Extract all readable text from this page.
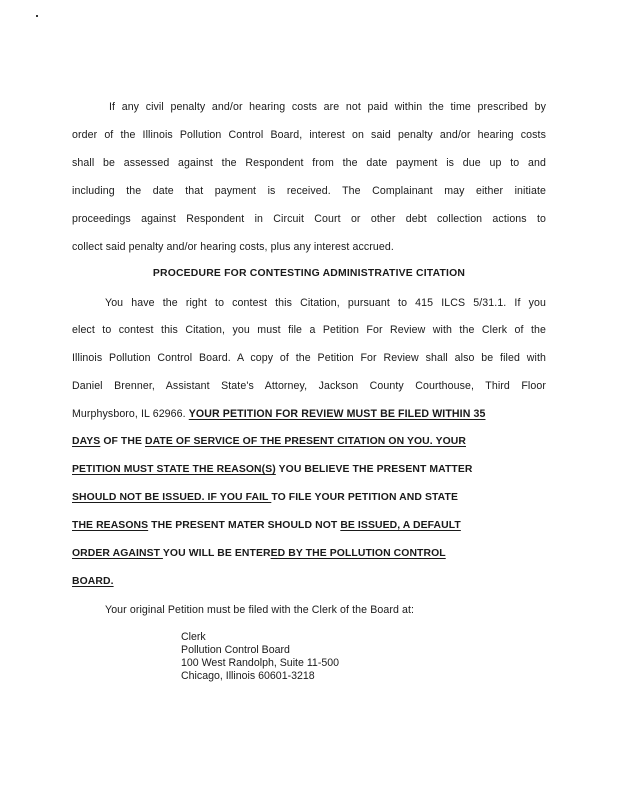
If any civil penalty and/or hearing costs are not paid within the time prescribed by
order of the Illinois Pollution Control Board, interest on said penalty and/or hearing costs
shall be assessed against the Respondent from the date payment is due up to and
including the date that payment is received. The Complainant may either initiate
proceedings against Respondent in Circuit Court or other debt collection actions to
collect said penalty and/or hearing costs, plus any interest accrued.
PROCEDURE FOR CONTESTING ADMINISTRATIVE CITATION
You have the right to contest this Citation, pursuant to 415 ILCS 5/31.1. If you
elect to contest this Citation, you must file a Petition For Review with the Clerk of the
Illinois Pollution Control Board. A copy of the Petition For Review shall also be filed with
Daniel Brenner, Assistant State's Attorney, Jackson County Courthouse, Third Floor
Murphysboro, IL 62966. YOUR PETITION FOR REVIEW MUST BE FILED WITHIN 35
DAYS OF THE DATE OF SERVICE OF THE PRESENT CITATION ON YOU. YOUR
PETITION MUST STATE THE REASON(S) YOU BELIEVE THE PRESENT MATTER
SHOULD NOT BE ISSUED. IF YOU FAIL TO FILE YOUR PETITION AND STATE
THE REASONS THE PRESENT MATER SHOULD NOT BE ISSUED, A DEFAULT
ORDER AGAINST YOU WILL BE ENTERED BY THE POLLUTION CONTROL
BOARD.
Your original Petition must be filed with the Clerk of the Board at:
Clerk
Pollution Control Board
100 West Randolph, Suite 11-500
Chicago, Illinois 60601-3218
